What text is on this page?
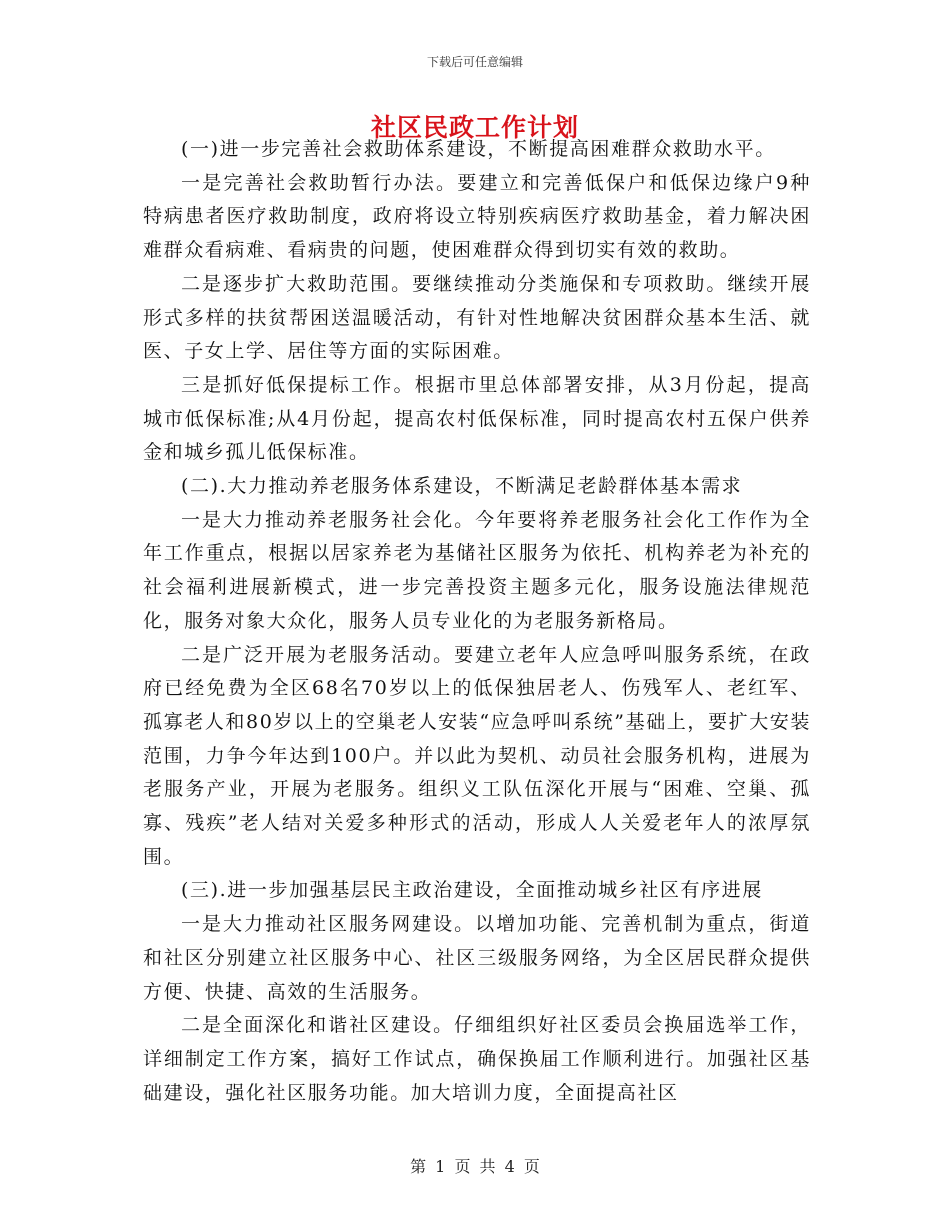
下载后可任意编辑
社区民政工作计划

(一)进一步完善社会救助体系建设，不断提高困难群众救助水平。

一是完善社会救助暂行办法。要建立和完善低保户和低保边缘户9种特病患者医疗救助制度，政府将设立特别疾病医疗救助基金，着力解决困难群众看病难、看病贵的问题，使困难群众得到切实有效的救助。

二是逐步扩大救助范围。要继续推动分类施保和专项救助。继续开展形式多样的扶贫帮困送温暖活动，有针对性地解决贫困群众基本生活、就医、子女上学、居住等方面的实际困难。

三是抓好低保提标工作。根据市里总体部署安排，从3月份起，提高城市低保标准;从4月份起，提高农村低保标准，同时提高农村五保户供养金和城乡孤儿低保标准。

(二).大力推动养老服务体系建设，不断满足老龄群体基本需求

一是大力推动养老服务社会化。今年要将养老服务社会化工作作为全年工作重点，根据以居家养老为基储社区服务为依托、机构养老为补充的社会福利进展新模式，进一步完善投资主题多元化，服务设施法律规范化，服务对象大众化，服务人员专业化的为老服务新格局。

二是广泛开展为老服务活动。要建立老年人应急呼叫服务系统，在政府已经免费为全区68名70岁以上的低保独居老人、伤残军人、老红军、孤寡老人和80岁以上的空巢老人安装“应急呼叫系统”基础上，要扩大安装范围，力争今年达到100户。并以此为契机、动员社会服务机构，进展为老服务产业，开展为老服务。组织义工队伍深化开展与“困难、空巢、孤寡、残疾”老人结对关爱多种形式的活动，形成人人关爱老年人的浓厚氛围。

(三).进一步加强基层民主政治建设，全面推动城乡社区有序进展

一是大力推动社区服务网建设。以增加功能、完善机制为重点，街道和社区分别建立社区服务中心、社区三级服务网络，为全区居民群众提供方便、快捷、高效的生活服务。

二是全面深化和谐社区建设。仔细组织好社区委员会换届选举工作，详细制定工作方案，搞好工作试点，确保换届工作顺利进行。加强社区基础建设，强化社区服务功能。加大培训力度，全面提高社区

第 1 页 共 4 页
